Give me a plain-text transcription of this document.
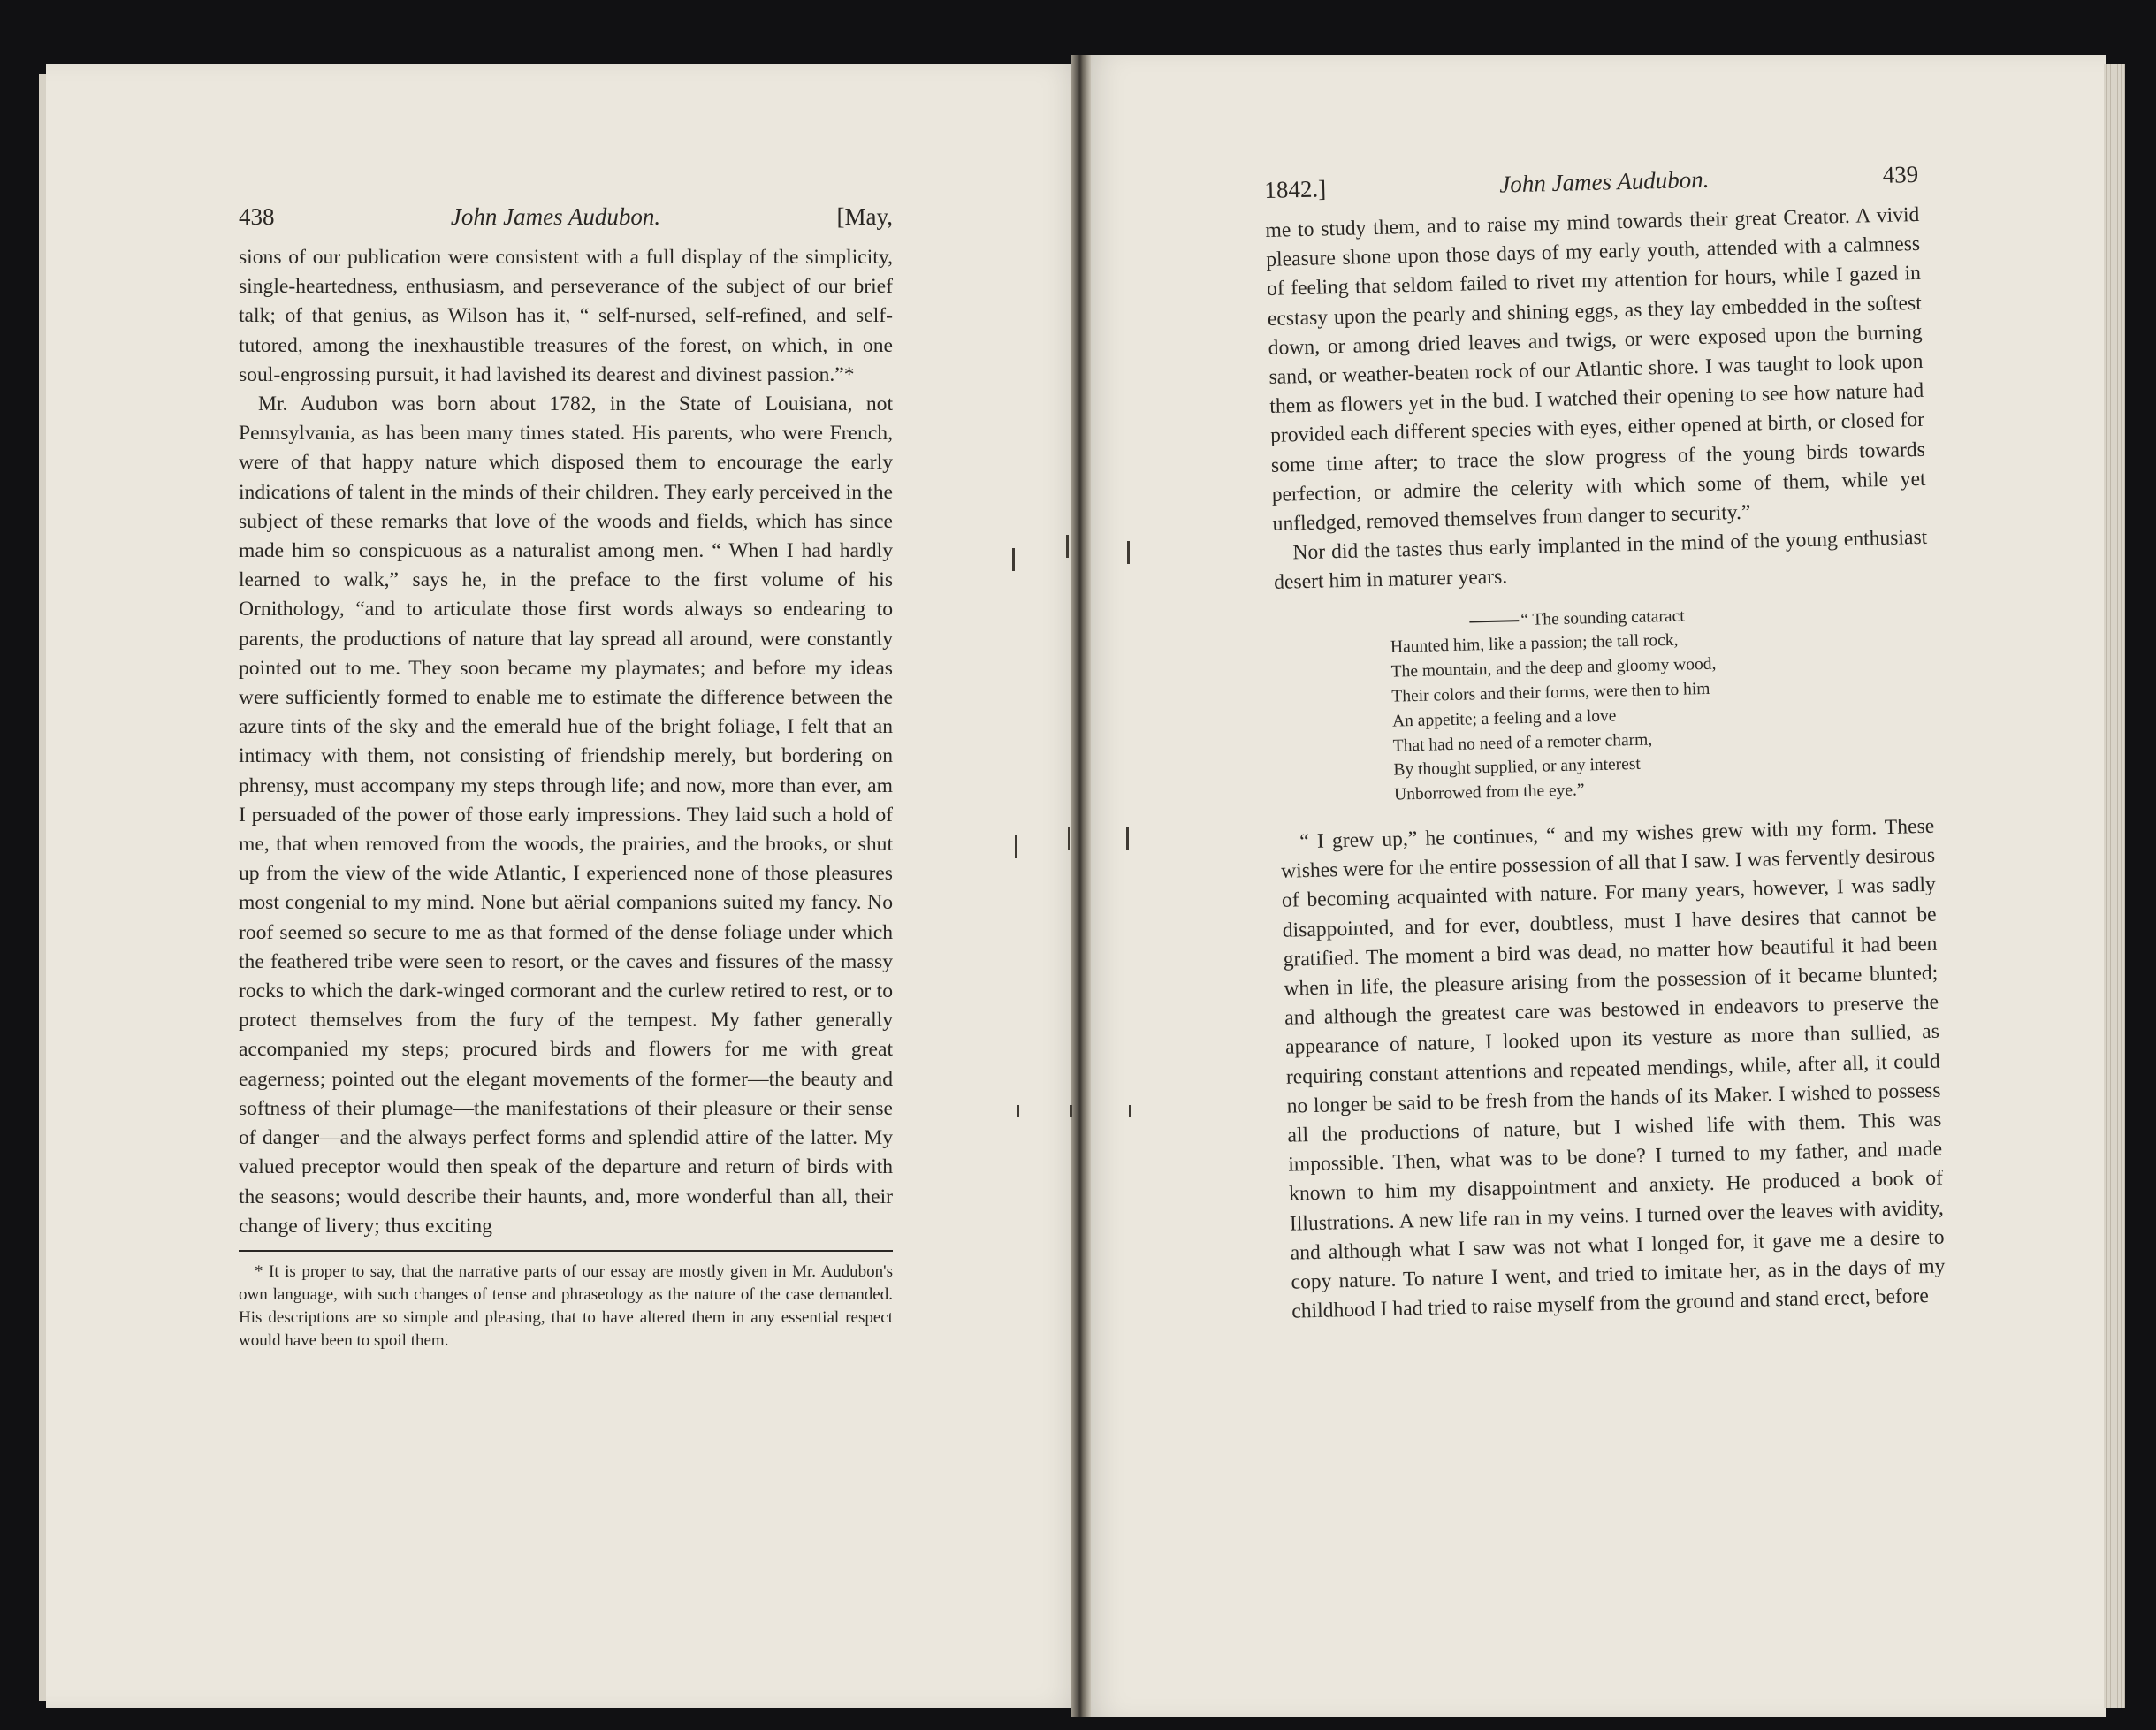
438	John James Audubon.	[May,

sions of our publication were consistent with a full display of the simplicity, single-heartedness, enthusiasm, and perseverance of the subject of our brief talk; of that genius, as Wilson has it, “ self-nursed, self-refined, and self-tutored, among the inexhaustible treasures of the forest, on which, in one soul-engrossing pursuit, it had lavished its dearest and divinest passion.”*

Mr. Audubon was born about 1782, in the State of Louisiana, not Pennsylvania, as has been many times stated. His parents, who were French, were of that happy nature which disposed them to encourage the early indications of talent in the minds of their children. They early perceived in the subject of these remarks that love of the woods and fields, which has since made him so conspicuous as a naturalist among men. “ When I had hardly learned to walk,” says he, in the preface to the first volume of his Ornithology, “and to articulate those first words always so endearing to parents, the productions of nature that lay spread all around, were constantly pointed out to me. They soon became my playmates; and before my ideas were sufficiently formed to enable me to estimate the difference between the azure tints of the sky and the emerald hue of the bright foliage, I felt that an intimacy with them, not consisting of friendship merely, but bordering on phrensy, must accompany my steps through life; and now, more than ever, am I persuaded of the power of those early impressions. They laid such a hold of me, that when removed from the woods, the prairies, and the brooks, or shut up from the view of the wide Atlantic, I experienced none of those pleasures most congenial to my mind. None but aërial companions suited my fancy. No roof seemed so secure to me as that formed of the dense foliage under which the feathered tribe were seen to resort, or the caves and fissures of the massy rocks to which the dark-winged cormorant and the curlew retired to rest, or to protect themselves from the fury of the tempest. My father generally accompanied my steps; procured birds and flowers for me with great eagerness; pointed out the elegant movements of the former—the beauty and softness of their plumage—the manifestations of their pleasure or their sense of danger—and the always perfect forms and splendid attire of the latter. My valued preceptor would then speak of the departure and return of birds with the seasons; would describe their haunts, and, more wonderful than all, their change of livery; thus exciting

* It is proper to say, that the narrative parts of our essay are mostly given in Mr. Audubon's own language, with such changes of tense and phraseology as the nature of the case demanded. His descriptions are so simple and pleasing, that to have altered them in any essential respect would have been to spoil them.

1842.]	John James Audubon.	439

me to study them, and to raise my mind towards their great Creator. A vivid pleasure shone upon those days of my early youth, attended with a calmness of feeling that seldom failed to rivet my attention for hours, while I gazed in ecstasy upon the pearly and shining eggs, as they lay embedded in the softest down, or among dried leaves and twigs, or were exposed upon the burning sand, or weather-beaten rock of our Atlantic shore. I was taught to look upon them as flowers yet in the bud. I watched their opening to see how nature had provided each different species with eyes, either opened at birth, or closed for some time after; to trace the slow progress of the young birds towards perfection, or admire the celerity with which some of them, while yet unfledged, removed themselves from danger to security.”

Nor did the tastes thus early implanted in the mind of the young enthusiast desert him in maturer years.

“ The sounding cataract
Haunted him, like a passion; the tall rock,
The mountain, and the deep and gloomy wood,
Their colors and their forms, were then to him
An appetite; a feeling and a love
That had no need of a remoter charm,
By thought supplied, or any interest
Unborrowed from the eye.”

“ I grew up,” he continues, “ and my wishes grew with my form. These wishes were for the entire possession of all that I saw. I was fervently desirous of becoming acquainted with nature. For many years, however, I was sadly disappointed, and for ever, doubtless, must I have desires that cannot be gratified. The moment a bird was dead, no matter how beautiful it had been when in life, the pleasure arising from the possession of it became blunted; and although the greatest care was bestowed in endeavors to preserve the appearance of nature, I looked upon its vesture as more than sullied, as requiring constant attentions and repeated mendings, while, after all, it could no longer be said to be fresh from the hands of its Maker. I wished to possess all the productions of nature, but I wished life with them. This was impossible. Then, what was to be done? I turned to my father, and made known to him my disappointment and anxiety. He produced a book of Illustrations. A new life ran in my veins. I turned over the leaves with avidity, and although what I saw was not what I longed for, it gave me a desire to copy nature. To nature I went, and tried to imitate her, as in the days of my childhood I had tried to raise myself from the ground and stand erect, before
